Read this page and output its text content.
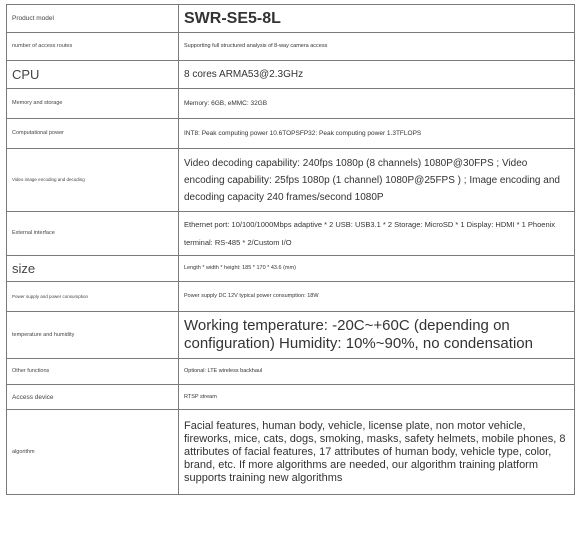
Product model	SWR-SE5-8L
number of access routes	Supporting full structured analysis of 8-way camera access
CPU	8 cores ARMA53@2.3GHz
Memory and storage	Memory: 6GB, eMMC: 32GB
Computational power	INT8: Peak computing power 10.6TOPSFP32: Peak computing power 1.3TFLOPS
Video image encoding and decoding	Video decoding capability: 240fps 1080p (8 channels) 1080P@30FPS ; Video encoding capability: 25fps 1080p (1 channel) 1080P@25FPS ) ; Image encoding and decoding capacity 240 frames/second 1080P
External interface	Ethernet port: 10/100/1000Mbps adaptive * 2 USB: USB3.1 * 2 Storage: MicroSD * 1 Display: HDMI * 1 Phoenix terminal: RS-485 * 2/Custom I/O
size	Length * width * height: 185 * 170 * 43.6 (mm)
Power supply and power consumption	Power supply DC 12V typical power consumption: 18W
temperature and humidity	Working temperature: -20C~+60C (depending on configuration) Humidity: 10%~90%, no condensation
Other functions	Optional: LTE wireless backhaul
Access device	RTSP stream
algorithm	Facial features, human body, vehicle, license plate, non motor vehicle, fireworks, mice, cats, dogs, smoking, masks, safety helmets, mobile phones, 8 attributes of facial features, 17 attributes of human body, vehicle type, color, brand, etc. If more algorithms are needed, our algorithm training platform supports training new algorithms
